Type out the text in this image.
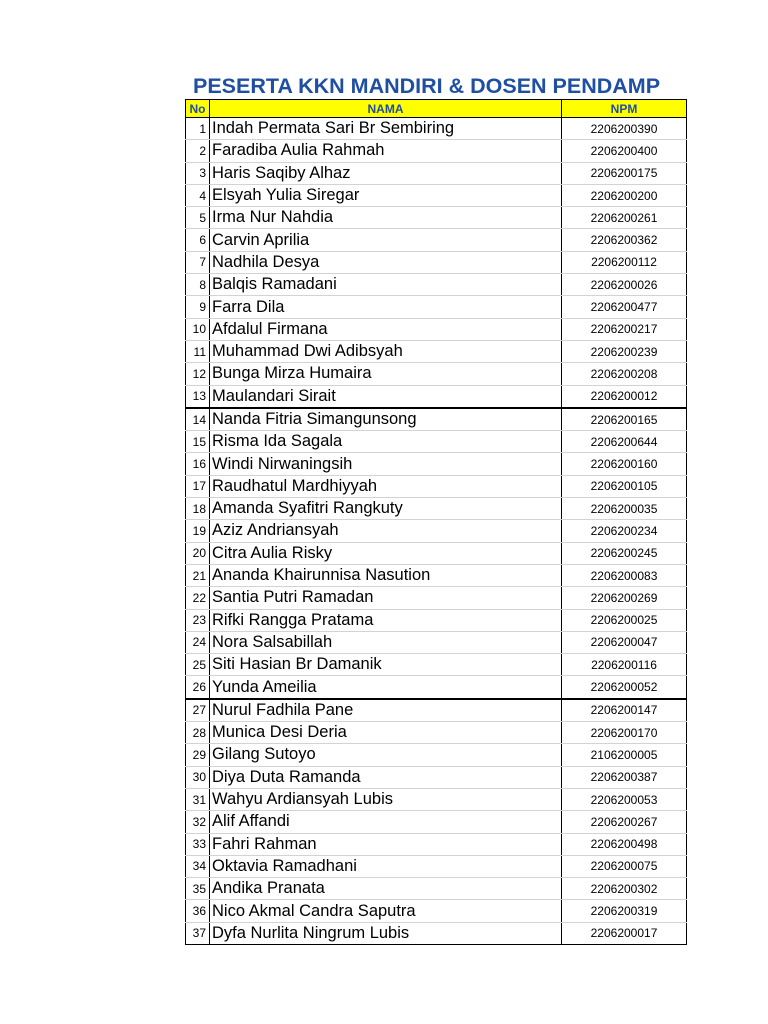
PESERTA KKN MANDIRI & DOSEN PENDAMP
No	NAMA	NPM
1	Indah Permata Sari Br Sembiring	2206200390
2	Faradiba Aulia Rahmah	2206200400
3	Haris Saqiby Alhaz	2206200175
4	Elsyah Yulia Siregar	2206200200
5	Irma Nur Nahdia	2206200261
6	Carvin Aprilia	2206200362
7	Nadhila Desya	2206200112
8	Balqis Ramadani	2206200026
9	Farra Dila	2206200477
10	Afdalul Firmana	2206200217
11	Muhammad Dwi Adibsyah	2206200239
12	Bunga Mirza Humaira	2206200208
13	Maulandari Sirait	2206200012
14	Nanda Fitria Simangunsong	2206200165
15	Risma Ida Sagala	2206200644
16	Windi Nirwaningsih	2206200160
17	Raudhatul Mardhiyyah	2206200105
18	Amanda Syafitri Rangkuty	2206200035
19	Aziz Andriansyah	2206200234
20	Citra Aulia Risky	2206200245
21	Ananda Khairunnisa Nasution	2206200083
22	Santia Putri Ramadan	2206200269
23	Rifki Rangga Pratama	2206200025
24	Nora Salsabillah	2206200047
25	Siti Hasian Br Damanik	2206200116
26	Yunda Ameilia	2206200052
27	Nurul Fadhila Pane	2206200147
28	Munica Desi Deria	2206200170
29	Gilang Sutoyo	2106200005
30	Diya Duta Ramanda	2206200387
31	Wahyu Ardiansyah Lubis	2206200053
32	Alif Affandi	2206200267
33	Fahri Rahman	2206200498
34	Oktavia Ramadhani	2206200075
35	Andika Pranata	2206200302
36	Nico Akmal Candra Saputra	2206200319
37	Dyfa Nurlita Ningrum Lubis	2206200017
